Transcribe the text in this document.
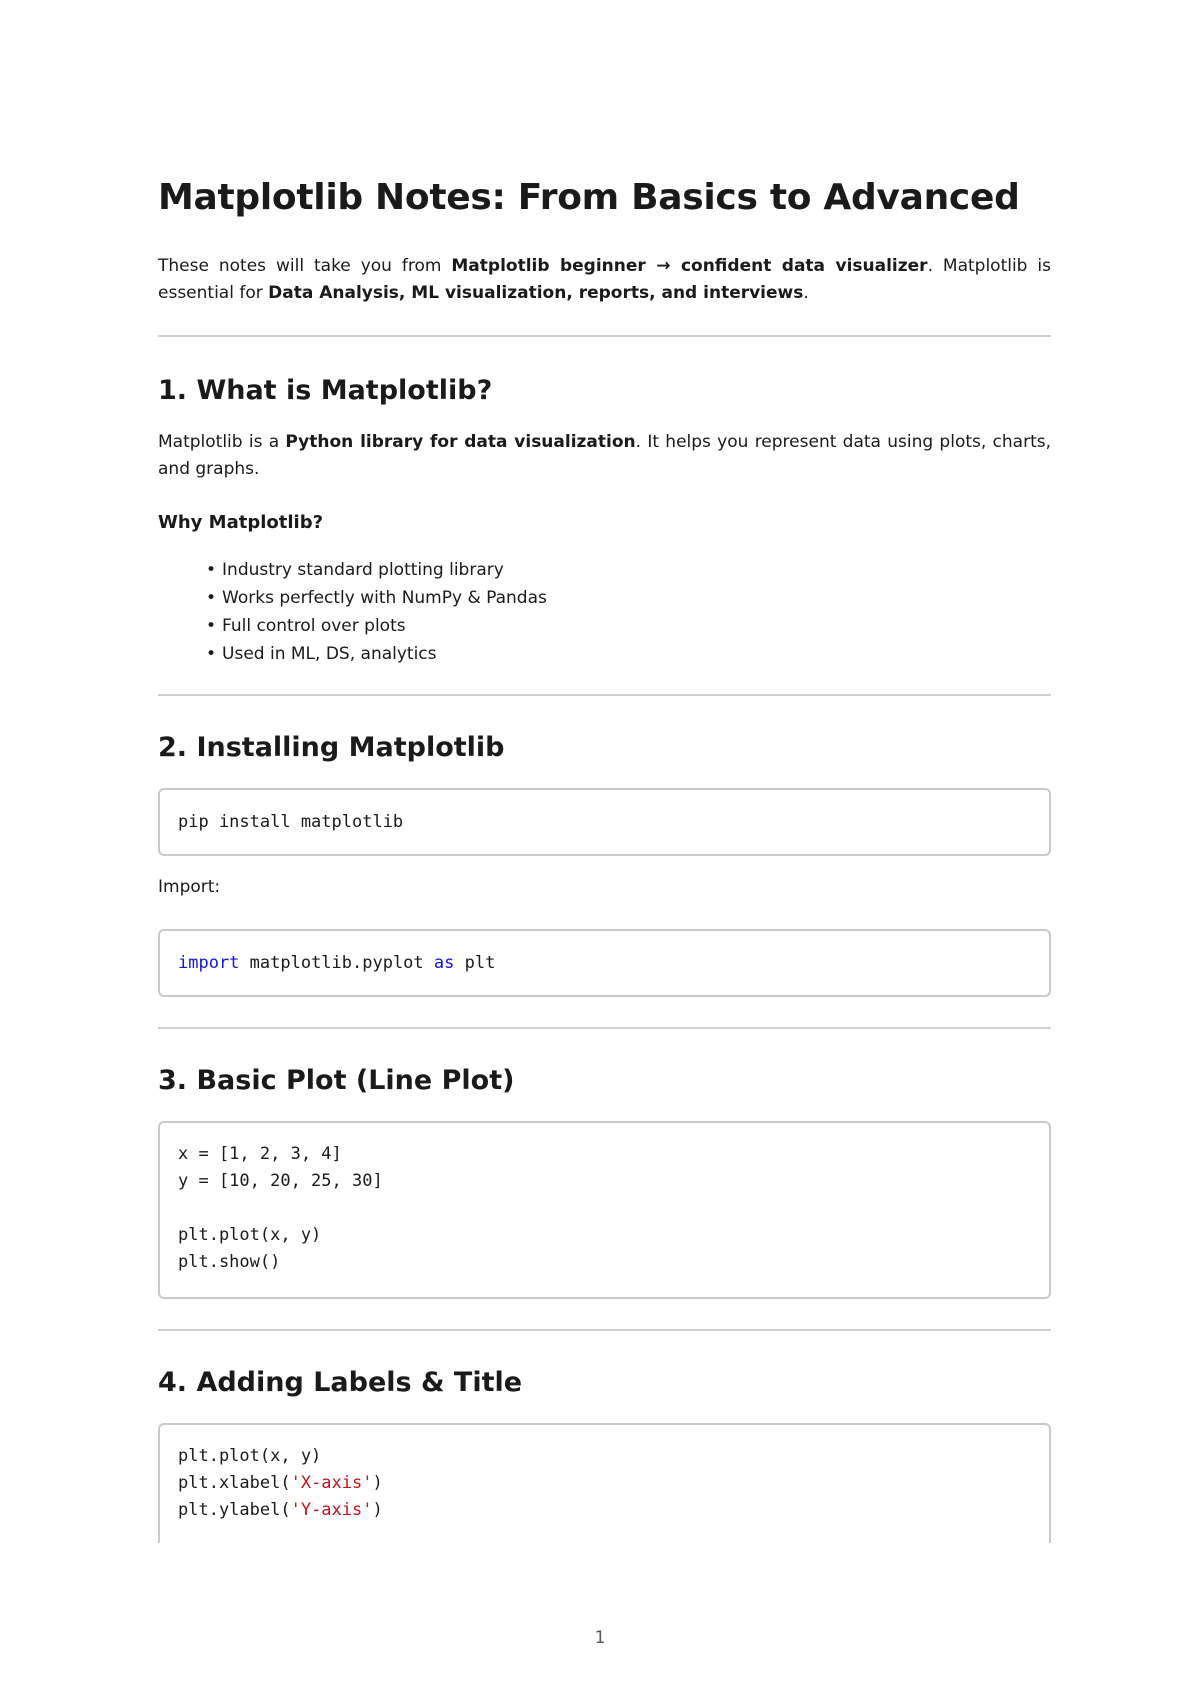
Matplotlib Notes: From Basics to Advanced

These notes will take you from Matplotlib beginner → confident data visualizer. Matplotlib is essential for Data Analysis, ML visualization, reports, and interviews.

1. What is Matplotlib?

Matplotlib is a Python library for data visualization. It helps you represent data using plots, charts, and graphs.

Why Matplotlib?
• Industry standard plotting library
• Works perfectly with NumPy & Pandas
• Full control over plots
• Used in ML, DS, analytics
2. Installing Matplotlib
pip install matplotlib

Import:

import matplotlib.pyplot as plt
3. Basic Plot (Line Plot)
x = [1, 2, 3, 4]
y = [10, 20, 25, 30]
plt.plot(x, y)
plt.show()
4. Adding Labels & Title
plt.plot(x, y)
plt.xlabel('X-axis')
plt.ylabel('Y-axis')
1
